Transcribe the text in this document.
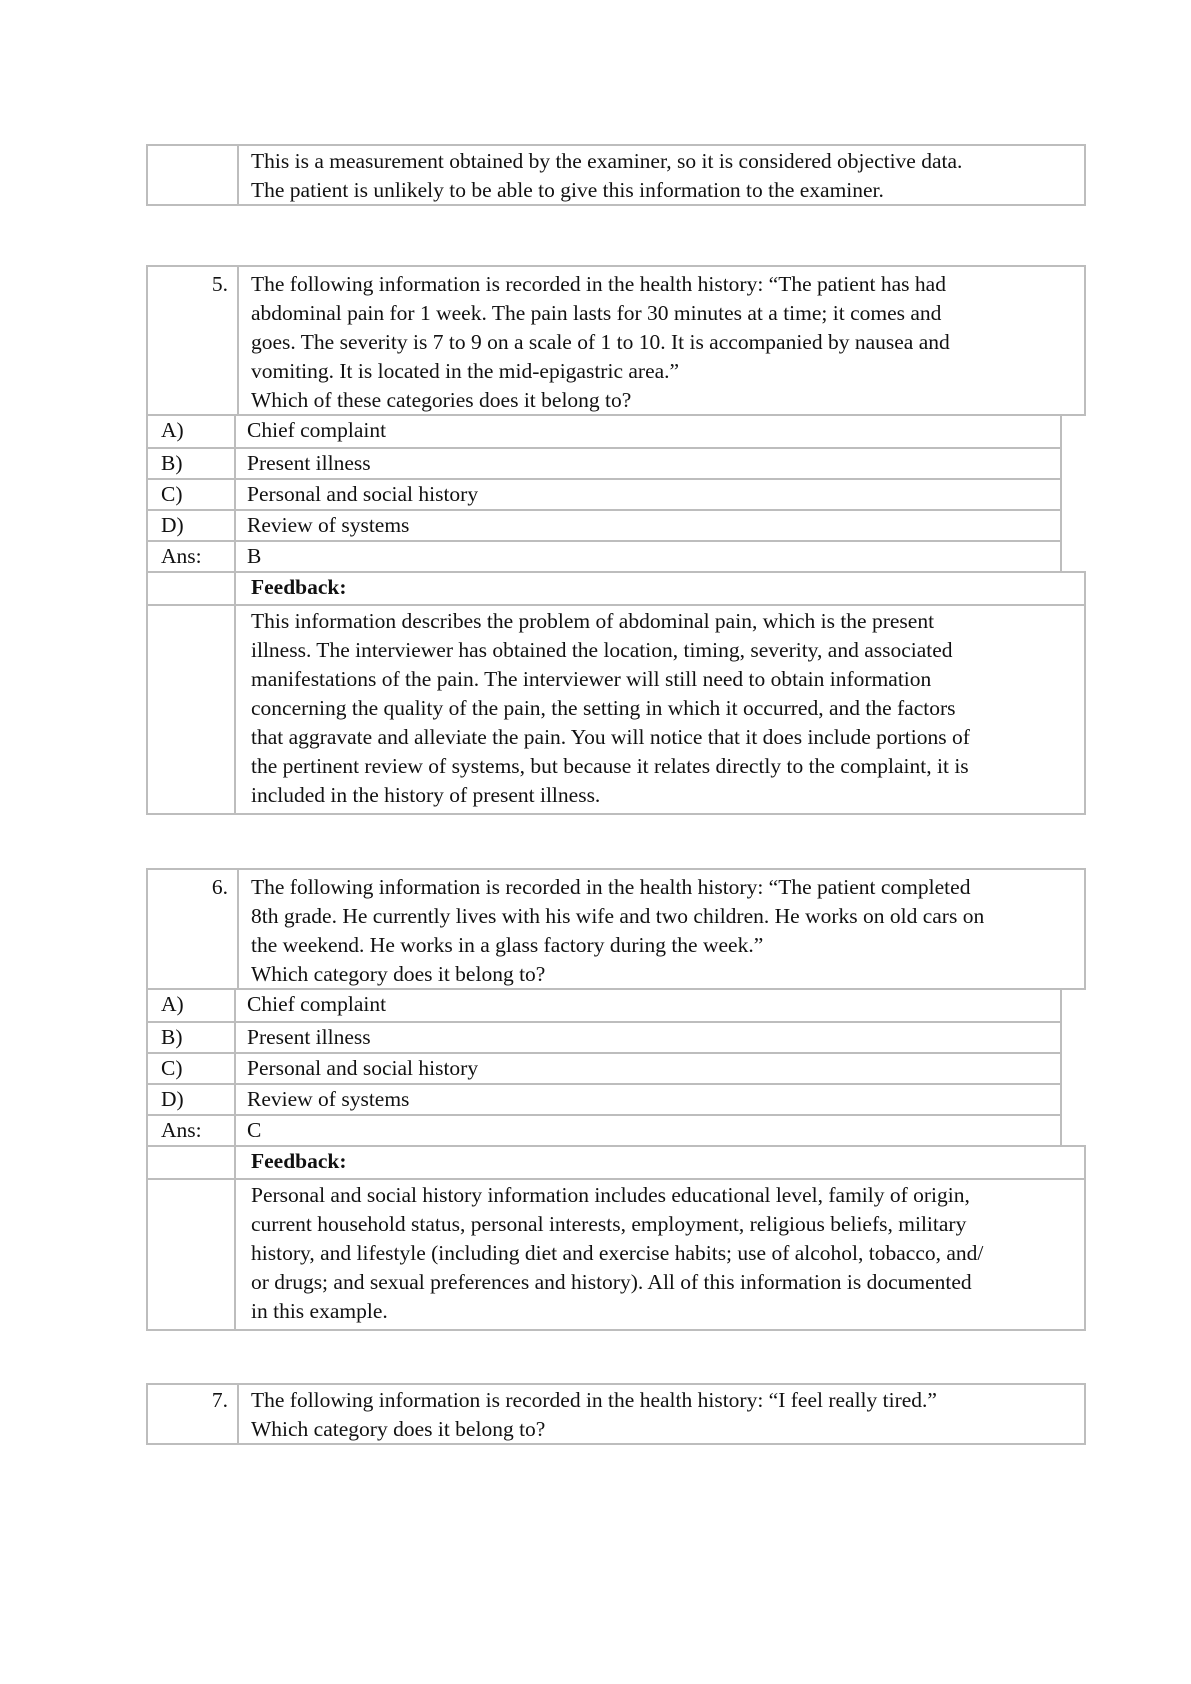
This is a measurement obtained by the examiner, so it is considered objective data.
The patient is unlikely to be able to give this information to the examiner.
5.	The following information is recorded in the health history: “The patient has had
abdominal pain for 1 week. The pain lasts for 30 minutes at a time; it comes and
goes. The severity is 7 to 9 on a scale of 1 to 10. It is accompanied by nausea and
vomiting. It is located in the mid-epigastric area.”
Which of these categories does it belong to?
A)	Chief complaint
B)	Present illness
C)	Personal and social history
D)	Review of systems
Ans:	B
Feedback:
This information describes the problem of abdominal pain, which is the present
illness. The interviewer has obtained the location, timing, severity, and associated
manifestations of the pain. The interviewer will still need to obtain information
concerning the quality of the pain, the setting in which it occurred, and the factors
that aggravate and alleviate the pain. You will notice that it does include portions of
the pertinent review of systems, but because it relates directly to the complaint, it is
included in the history of present illness.
6.	The following information is recorded in the health history: “The patient completed
8th grade. He currently lives with his wife and two children. He works on old cars on
the weekend. He works in a glass factory during the week.”
Which category does it belong to?
A)	Chief complaint
B)	Present illness
C)	Personal and social history
D)	Review of systems
Ans:	C
Feedback:
Personal and social history information includes educational level, family of origin,
current household status, personal interests, employment, religious beliefs, military
history, and lifestyle (including diet and exercise habits; use of alcohol, tobacco, and/
or drugs; and sexual preferences and history). All of this information is documented
in this example.
7.	The following information is recorded in the health history: “I feel really tired.”
Which category does it belong to?
